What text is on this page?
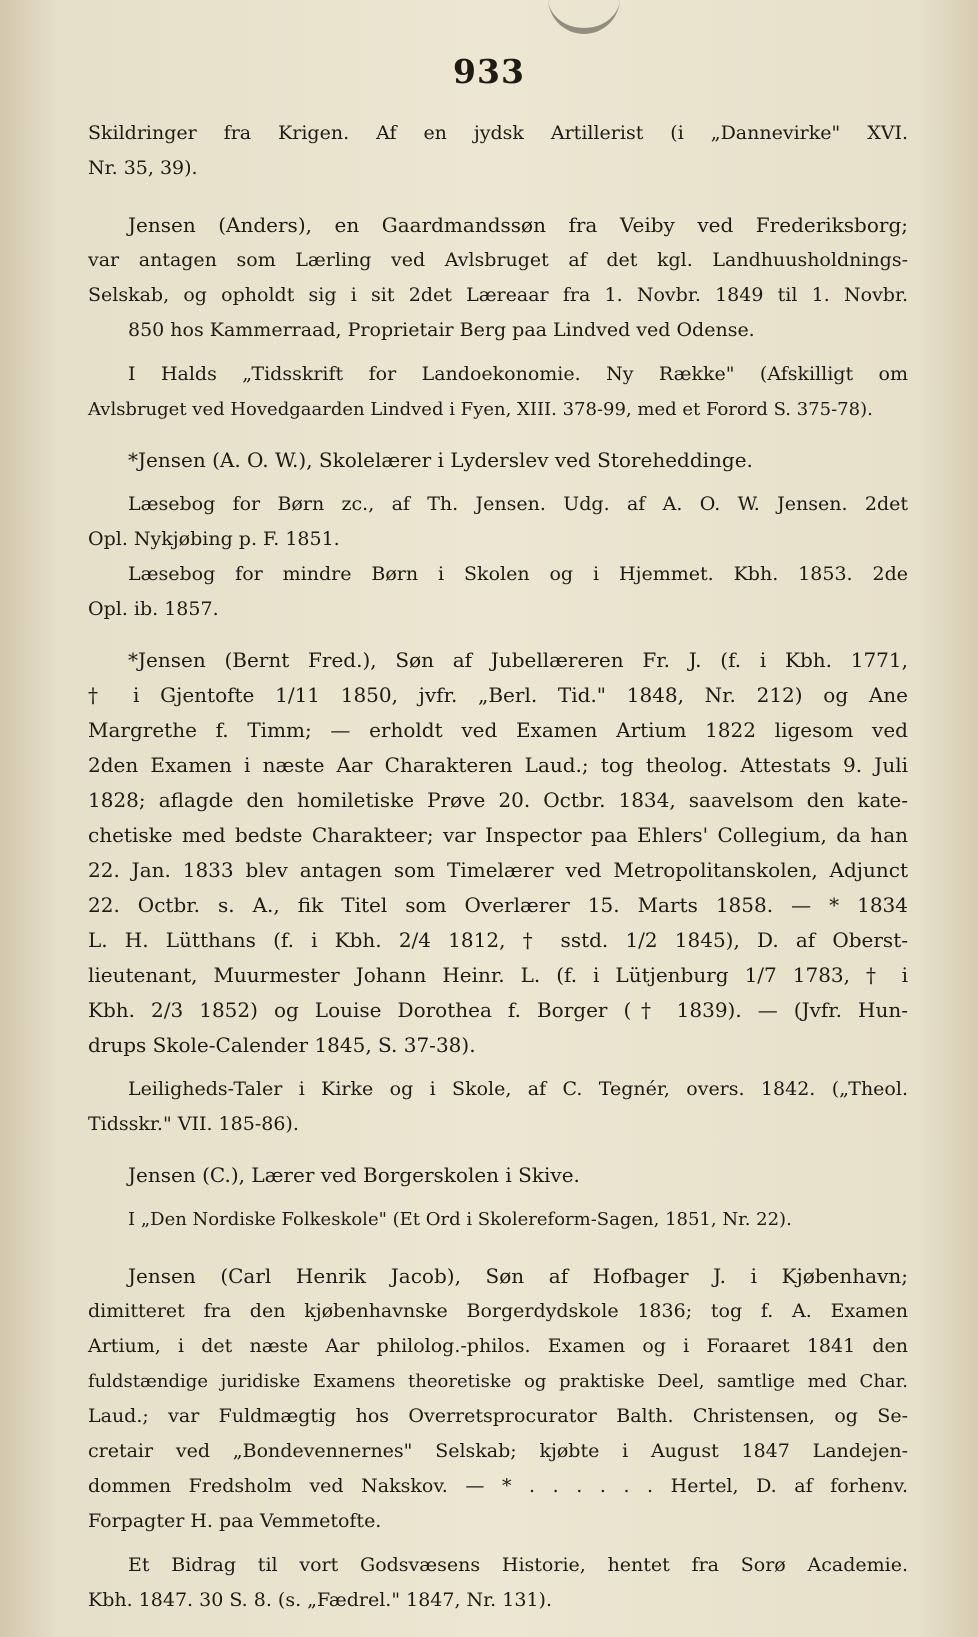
933
Skildringer fra Krigen. Af en jydsk Artillerist (i „Dannevirke" XVI.
Nr. 35, 39).
Jensen (Anders), en Gaardmandssøn fra Veiby ved Frederiksborg;
var antagen som Lærling ved Avlsbruget af det kgl. Landhuusholdnings-
Selskab, og opholdt sig i sit 2det Læreaar fra 1. Novbr. 1849 til 1. Novbr.
850 hos Kammerraad, Proprietair Berg paa Lindved ved Odense.
I Halds „Tidsskrift for Landoekonomie. Ny Række" (Afskilligt om
Avlsbruget ved Hovedgaarden Lindved i Fyen, XIII. 378-99, med et Forord S. 375-78).
*Jensen (A. O. W.), Skolelærer i Lyderslev ved Storeheddinge.
Læsebog for Børn zc., af Th. Jensen. Udg. af A. O. W. Jensen. 2det
Opl. Nykjøbing p. F. 1851.
Læsebog for mindre Børn i Skolen og i Hjemmet. Kbh. 1853. 2de
Opl. ib. 1857.
*Jensen (Bernt Fred.), Søn af Jubellæreren Fr. J. (f. i Kbh. 1771,
† i Gjentofte 1/11 1850, jvfr. „Berl. Tid." 1848, Nr. 212) og Ane
Margrethe f. Timm; — erholdt ved Examen Artium 1822 ligesom ved
2den Examen i næste Aar Charakteren Laud.; tog theolog. Attestats 9. Juli
1828; aflagde den homiletiske Prøve 20. Octbr. 1834, saavelsom den kate-
chetiske med bedste Charakteer; var Inspector paa Ehlers' Collegium, da han
22. Jan. 1833 blev antagen som Timelærer ved Metropolitanskolen, Adjunct
22. Octbr. s. A., fik Titel som Overlærer 15. Marts 1858. — * 1834
L. H. Lütthans (f. i Kbh. 2/4 1812, † sstd. 1/2 1845), D. af Oberst-
lieutenant, Muurmester Johann Heinr. L. (f. i Lütjenburg 1/7 1783, † i
Kbh. 2/3 1852) og Louise Dorothea f. Borger († 1839). — (Jvfr. Hun-
drups Skole-Calender 1845, S. 37-38).
Leiligheds-Taler i Kirke og i Skole, af C. Tegnér, overs. 1842. („Theol.
Tidsskr." VII. 185-86).
Jensen (C.), Lærer ved Borgerskolen i Skive.
I „Den Nordiske Folkeskole" (Et Ord i Skolereform-Sagen, 1851, Nr. 22).
Jensen (Carl Henrik Jacob), Søn af Hofbager J. i Kjøbenhavn;
dimitteret fra den kjøbenhavnske Borgerdydskole 1836; tog f. A. Examen
Artium, i det næste Aar philolog.-philos. Examen og i Foraaret 1841 den
fuldstændige juridiske Examens theoretiske og praktiske Deel, samtlige med Char.
Laud.; var Fuldmægtig hos Overretsprocurator Balth. Christensen, og Se-
cretair ved „Bondevennernes" Selskab; kjøbte i August 1847 Landejen-
dommen Fredsholm ved Nakskov. — * . . . . . . Hertel, D. af forhenv.
Forpagter H. paa Vemmetofte.
Et Bidrag til vort Godsvæsens Historie, hentet fra Sorø Academie.
Kbh. 1847. 30 S. 8. (s. „Fædrel." 1847, Nr. 131).
